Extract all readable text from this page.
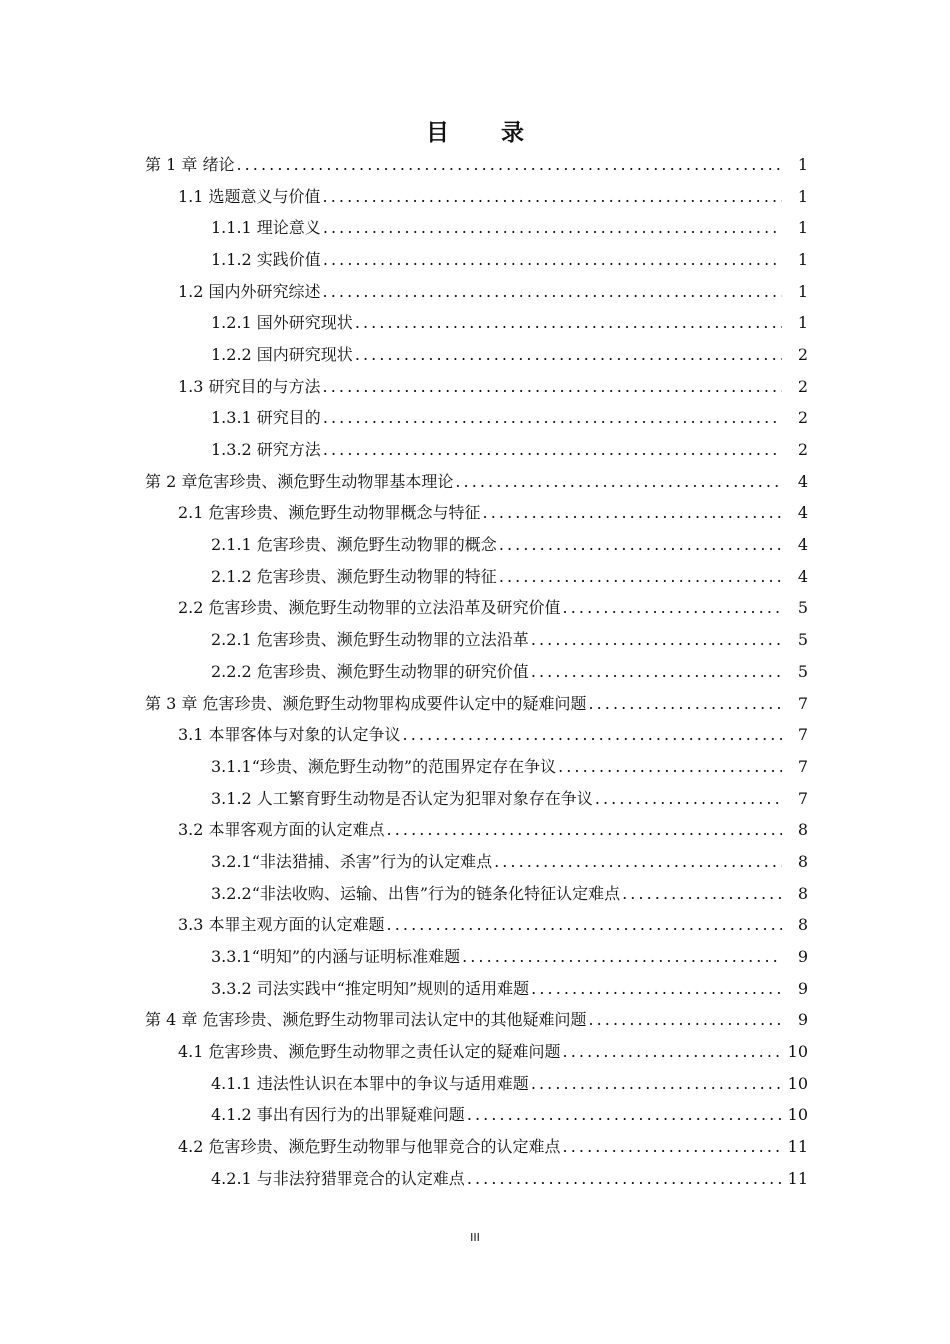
目 录
第 1 章 绪论 . . .	1
1.1 选题意义与价值 . . .	1
1.1.1 理论意义 . . .	1
1.1.2 实践价值 . . .	1
1.2 国内外研究综述 . . .	1
1.2.1 国外研究现状 . . .	1
1.2.2 国内研究现状 . . .	2
1.3 研究目的与方法 . . .	2
1.3.1 研究目的 . . .	2
1.3.2 研究方法 . . .	2
第 2 章危害珍贵、濒危野生动物罪基本理论 . . .	4
2.1 危害珍贵、濒危野生动物罪概念与特征 . . .	4
2.1.1 危害珍贵、濒危野生动物罪的概念 . . .	4
2.1.2 危害珍贵、濒危野生动物罪的特征 . . .	4
2.2 危害珍贵、濒危野生动物罪的立法沿革及研究价值 . . .	5
2.2.1 危害珍贵、濒危野生动物罪的立法沿革 . . .	5
2.2.2 危害珍贵、濒危野生动物罪的研究价值 . . .	5
第 3 章 危害珍贵、濒危野生动物罪构成要件认定中的疑难问题 . . .	7
3.1 本罪客体与对象的认定争议 . . .	7
3.1.1“珍贵、濒危野生动物”的范围界定存在争议 . . .	7
3.1.2 人工繁育野生动物是否认定为犯罪对象存在争议 . . .	7
3.2 本罪客观方面的认定难点 . . .	8
3.2.1“非法猎捕、杀害”行为的认定难点 . . .	8
3.2.2“非法收购、运输、出售”行为的链条化特征认定难点 . . .	8
3.3 本罪主观方面的认定难题 . . .	8
3.3.1“明知”的内涵与证明标准难题 . . .	9
3.3.2 司法实践中“推定明知”规则的适用难题 . . .	9
第 4 章 危害珍贵、濒危野生动物罪司法认定中的其他疑难问题 . . .	9
4.1 危害珍贵、濒危野生动物罪之责任认定的疑难问题 . . .	10
4.1.1 违法性认识在本罪中的争议与适用难题 . . .	10
4.1.2 事出有因行为的出罪疑难问题 . . .	10
4.2 危害珍贵、濒危野生动物罪与他罪竞合的认定难点 . . .	11
4.2.1 与非法狩猎罪竞合的认定难点 . . .	11
III
